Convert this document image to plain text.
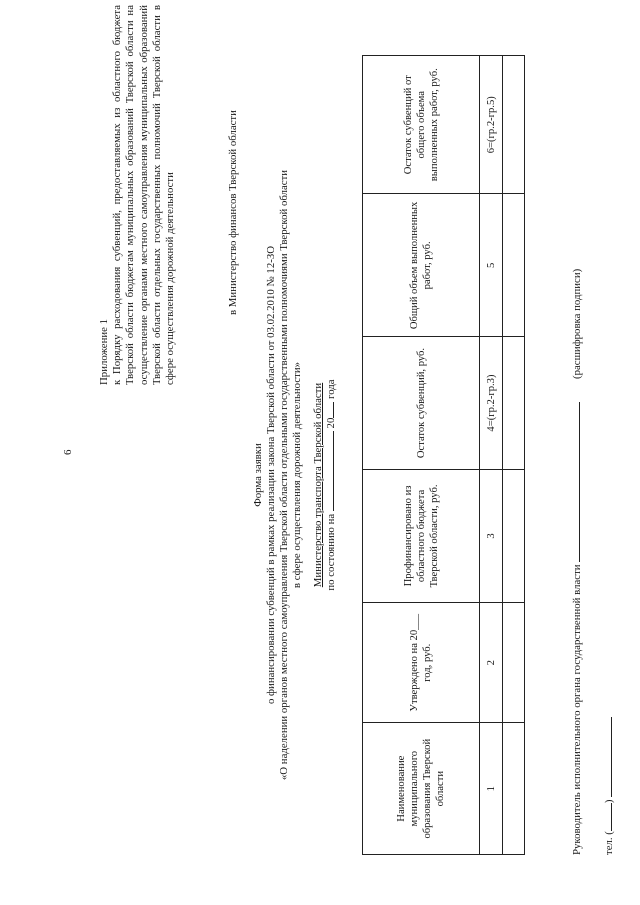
6
Приложение 1 к Порядку расходования субвенций, предоставляемых из областного бюджета Тверской области бюджетам муниципальных образований Тверской области на осуществление органами местного самоуправления муниципальных образований Тверской области отдельных государственных полномочий Тверской области в сфере осуществления дорожной деятельности	в Министерство финансов Тверской области
Форма заявки о финансировании субвенций в рамках реализации закона Тверской области от 03.02.2010 № 12-ЗО «О наделении органов местного самоуправления Тверской области отдельными государственными полномочиями Тверской области в сфере осуществления дорожной деятельности» Министерство транспорта Тверской области по состоянию на  20 года
Наименование муниципального образования Тверской области	Утверждено на 20___ год, руб.	Профинансировано из областного бюджета Тверской области, руб.	Остаток субвенций, руб.	Общий объем выполненных работ, руб.	Остаток субвенций от общего объема выполненных работ, руб.
1	2	3	4=(гр.2-гр.3)	5	6=(гр.2-гр.5)

Руководитель исполнительного органа государственной власти  (расшифровка подписи)
тел. ()
